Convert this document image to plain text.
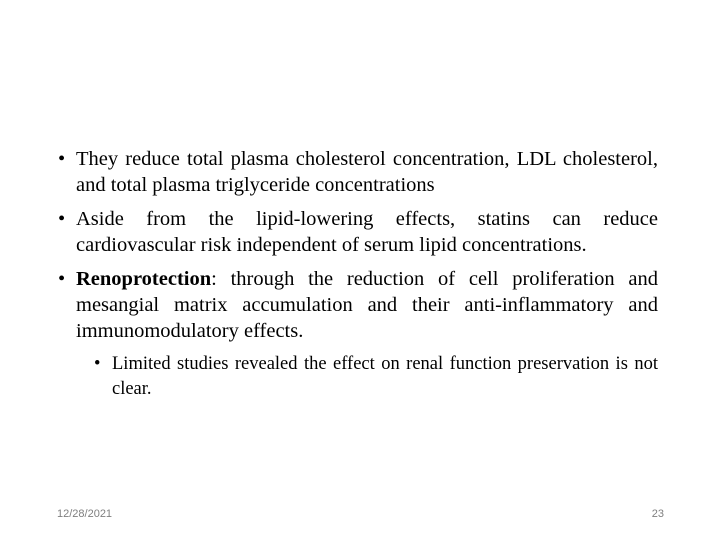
• They reduce total plasma cholesterol concentration, LDL cholesterol, and total plasma triglyceride concentrations
• Aside from the lipid-lowering effects, statins can reduce cardiovascular risk independent of serum lipid concentrations.
• Renoprotection: through the reduction of cell proliferation and mesangial matrix accumulation and their anti-inflammatory and immunomodulatory effects.
• Limited studies revealed the effect on renal function preservation is not clear.
12/28/2021	23
